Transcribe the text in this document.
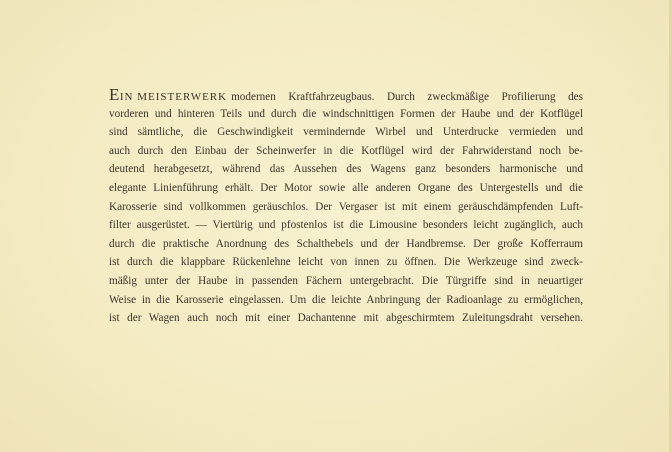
E IN MEISTERWERK modernen Kraftfahrzeugbaus. Durch zweckmäßige Profilierung des
vorderen und hinteren Teils und durch die windschnittigen Formen der Haube und der Kotflügel
sind sämtliche, die Geschwindigkeit vermindernde Wirbel und Unterdrucke vermieden und
auch durch den Einbau der Scheinwerfer in die Kotflügel wird der Fahrwiderstand noch be-
deutend herabgesetzt, während das Aussehen des Wagens ganz besonders harmonische und
elegante Linienführung erhält. Der Motor sowie alle anderen Organe des Untergestells und die
Karosserie sind vollkommen geräuschlos. Der Vergaser ist mit einem geräuschdämpfenden Luft-
filter ausgerüstet. — Viertürig und pfostenlos ist die Limousine besonders leicht zugänglich, auch
durch die praktische Anordnung des Schalthebels und der Handbremse. Der große Kofferraum
ist durch die klappbare Rückenlehne leicht von innen zu öffnen. Die Werkzeuge sind zweck-
mäßig unter der Haube in passenden Fächern untergebracht. Die Türgriffe sind in neuartiger
Weise in die Karosserie eingelassen. Um die leichte Anbringung der Radioanlage zu ermöglichen,
ist der Wagen auch noch mit einer Dachantenne mit abgeschirmtem Zuleitungsdraht versehen.
